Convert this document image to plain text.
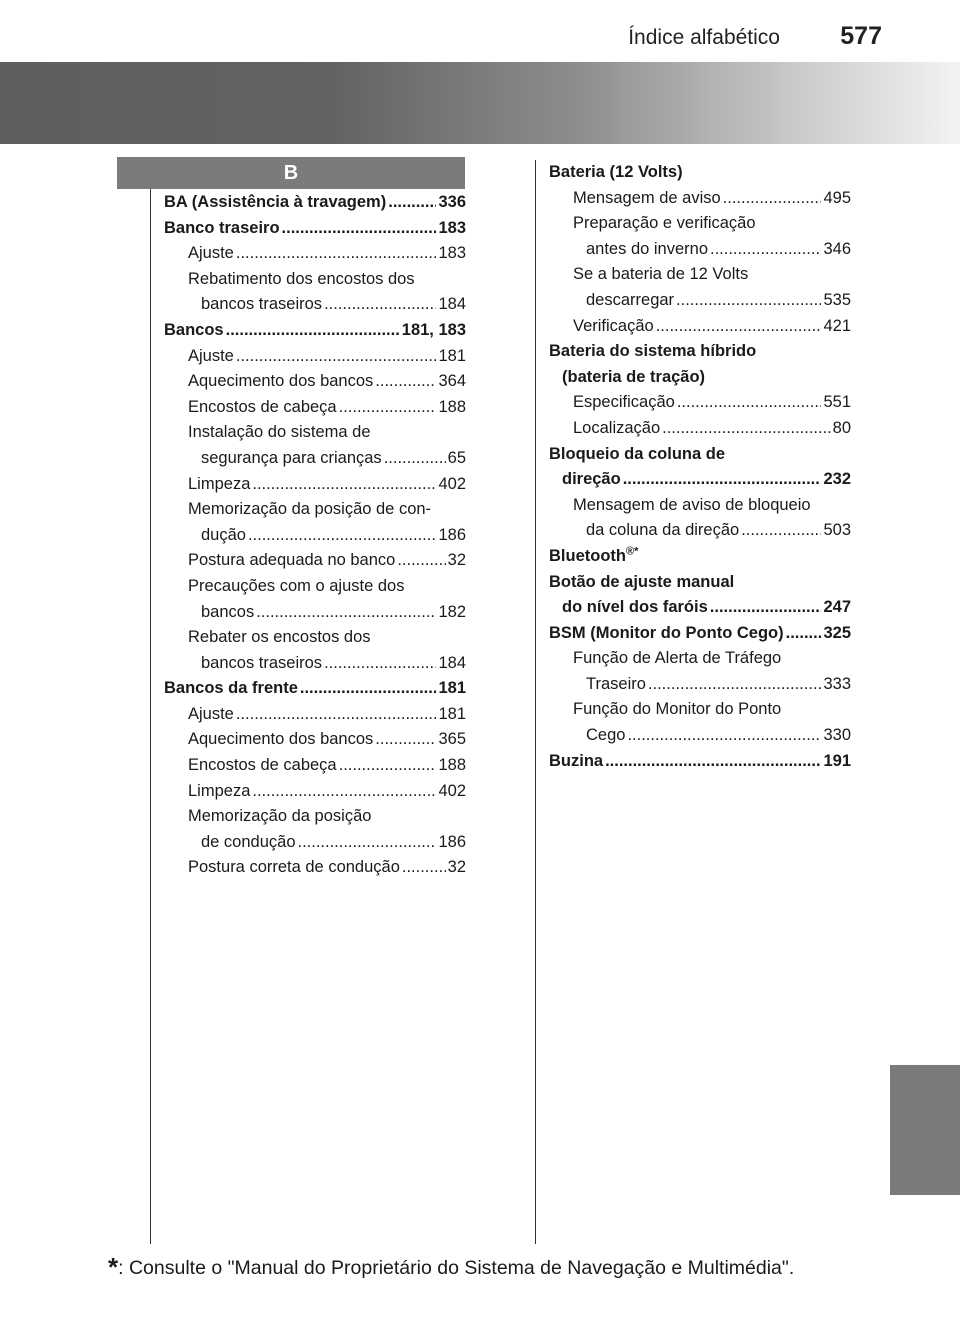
Índice alfabético 577
B
BA (Assistência à travagem) .....	336
Banco traseiro .....	183
Ajuste .....	183
Rebatimento dos encostos dos
bancos traseiros .....	184
Bancos .....	181, 183
Ajuste .....	181
Aquecimento dos bancos .....	364
Encostos de cabeça .....	188
Instalação do sistema de
segurança para crianças .....	65
Limpeza .....	402
Memorização da posição de con-
dução .....	186
Postura adequada no banco .....	32
Precauções com o ajuste dos
bancos .....	182
Rebater os encostos dos
bancos traseiros .....	184
Bancos da frente .....	181
Ajuste .....	181
Aquecimento dos bancos .....	365
Encostos de cabeça .....	188
Limpeza .....	402
Memorização da posição
de condução .....	186
Postura correta de condução .....	32
Bateria (12 Volts)
Mensagem de aviso .....	495
Preparação e verificação
antes do inverno .....	346
Se a bateria de 12 Volts
descarregar .....	535
Verificação .....	421
Bateria do sistema híbrido
(bateria de tração)
Especificação .....	551
Localização .....	80
Bloqueio da coluna de
direção .....	232
Mensagem de aviso de bloqueio
da coluna da direção .....	503
Bluetooth®*
Botão de ajuste manual
do nível dos faróis .....	247
BSM (Monitor do Ponto Cego) ..... 325
Função de Alerta de Tráfego
Traseiro .....	333
Função do Monitor do Ponto
Cego .....	330
Buzina .....	191
*: Consulte o "Manual do Proprietário do Sistema de Navegação e Multimédia".
